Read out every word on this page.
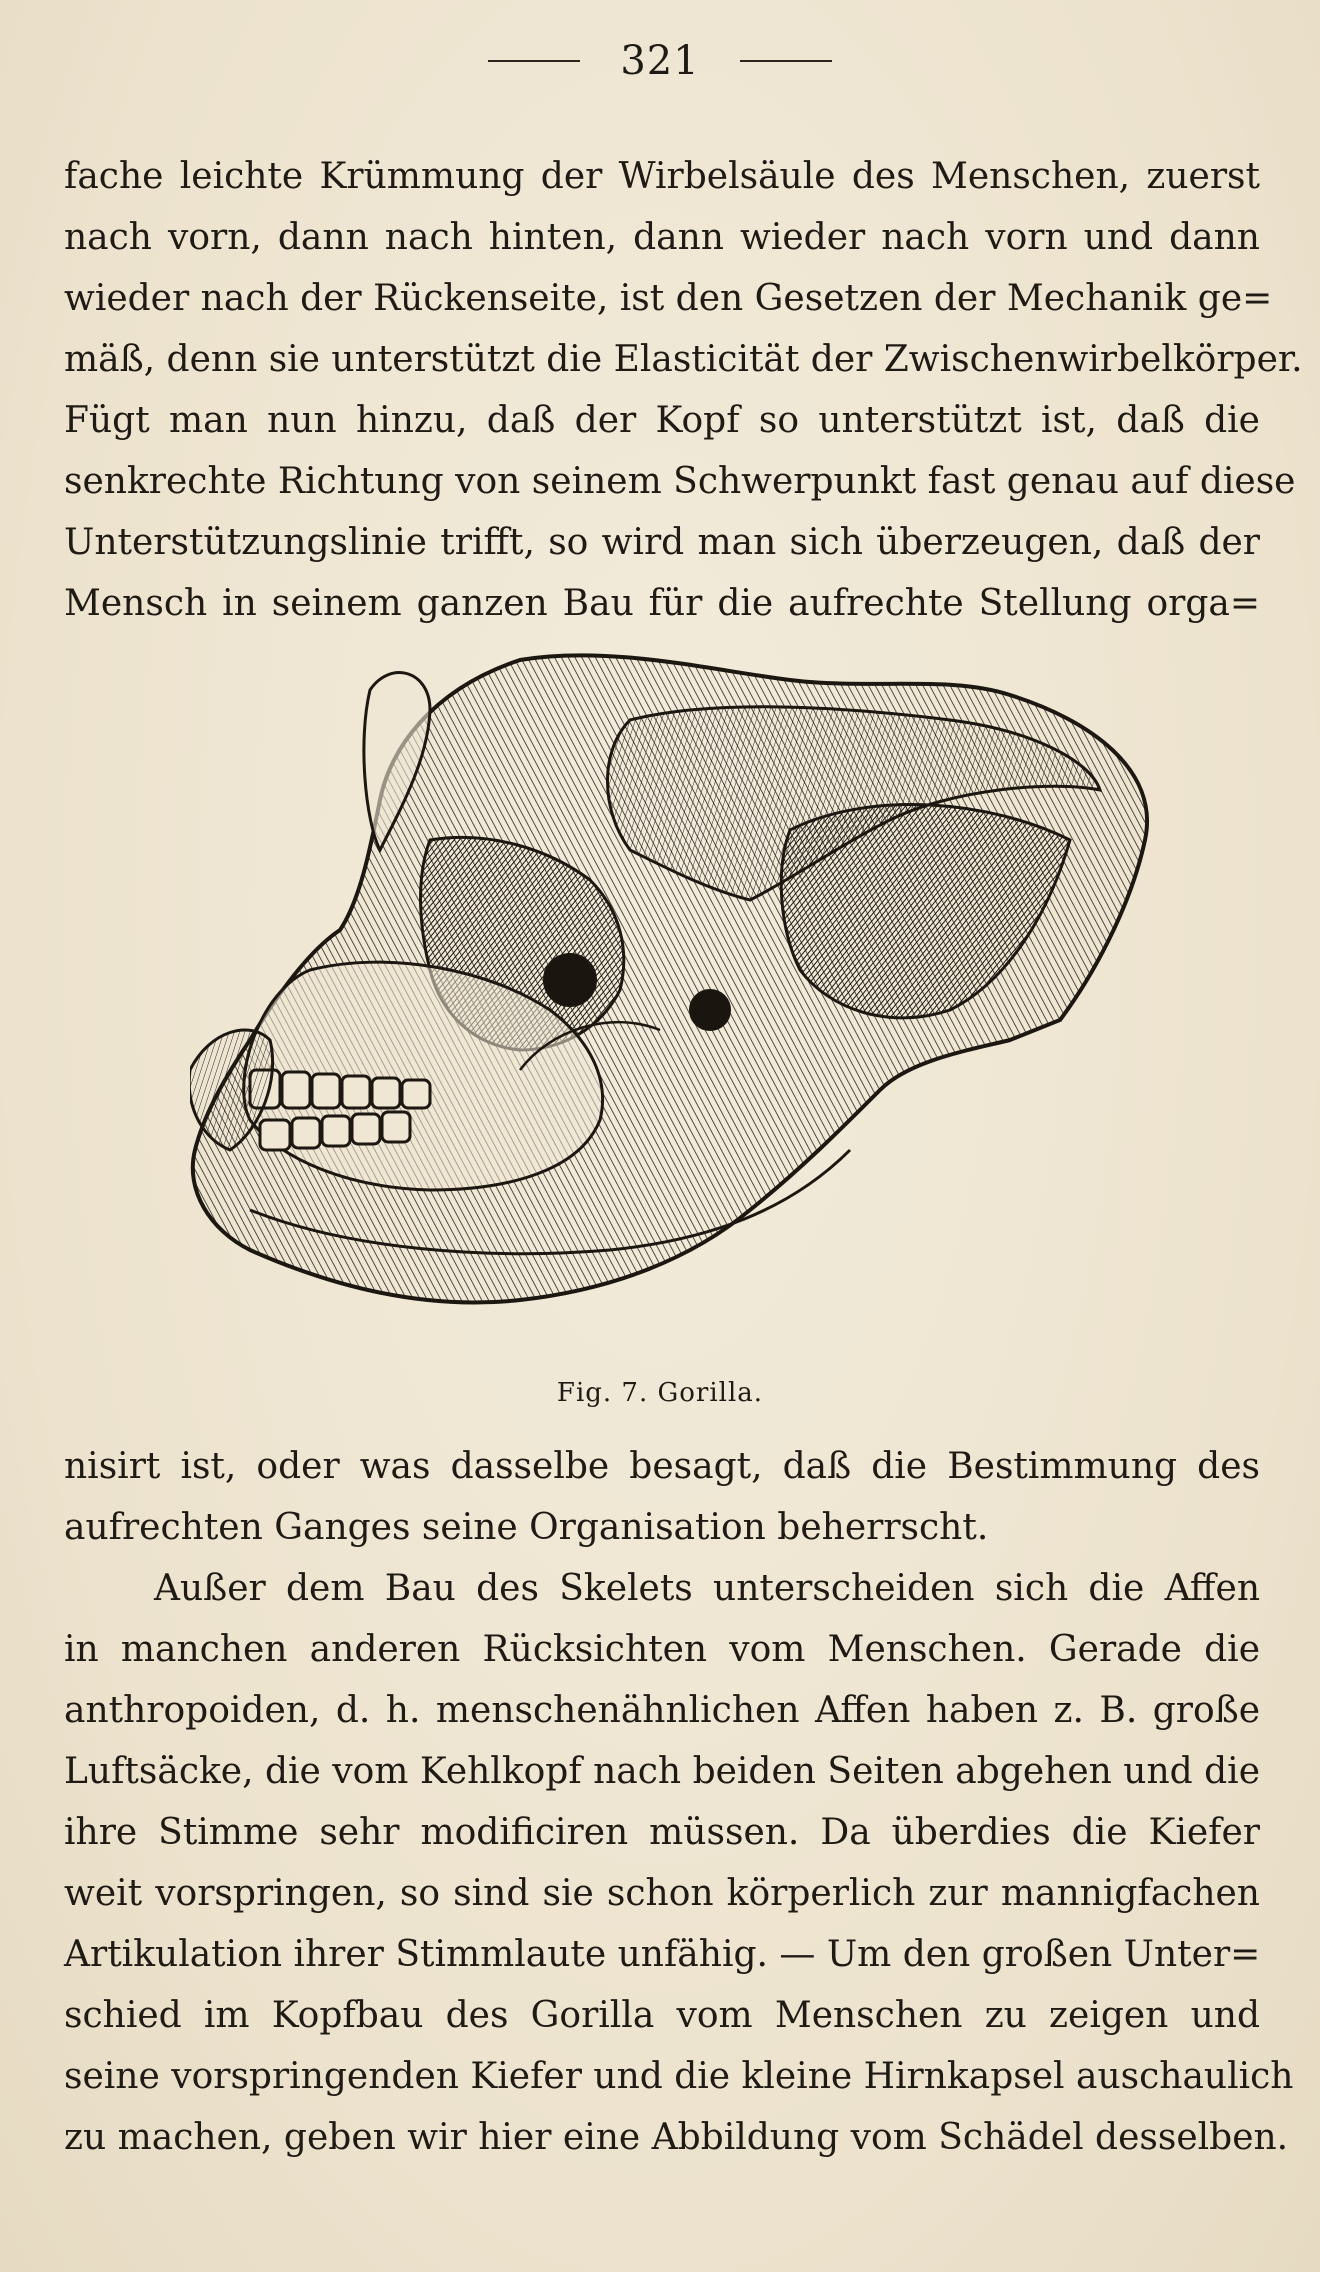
321
fache leichte Krümmung der Wirbelsäule des Menschen, zuerst
nach vorn, dann nach hinten, dann wieder nach vorn und dann
wieder nach der Rückenseite, ist den Gesetzen der Mechanik ge=
mäß, denn sie unterstützt die Elasticität der Zwischenwirbelkörper.
Fügt man nun hinzu, daß der Kopf so unterstützt ist, daß die
senkrechte Richtung von seinem Schwerpunkt fast genau auf diese
Unterstützungslinie trifft, so wird man sich überzeugen, daß der
Mensch in seinem ganzen Bau für die aufrechte Stellung orga=
Fig. 7. Gorilla.
nisirt ist, oder was dasselbe besagt, daß die Bestimmung des
aufrechten Ganges seine Organisation beherrscht.
Außer dem Bau des Skelets unterscheiden sich die Affen
in manchen anderen Rücksichten vom Menschen. Gerade die
anthropoiden, d. h. menschenähnlichen Affen haben z. B. große
Luftsäcke, die vom Kehlkopf nach beiden Seiten abgehen und die
ihre Stimme sehr modificiren müssen. Da überdies die Kiefer
weit vorspringen, so sind sie schon körperlich zur mannigfachen
Artikulation ihrer Stimmlaute unfähig. — Um den großen Unter=
schied im Kopfbau des Gorilla vom Menschen zu zeigen und
seine vorspringenden Kiefer und die kleine Hirnkapsel auschaulich
zu machen, geben wir hier eine Abbildung vom Schädel desselben.
